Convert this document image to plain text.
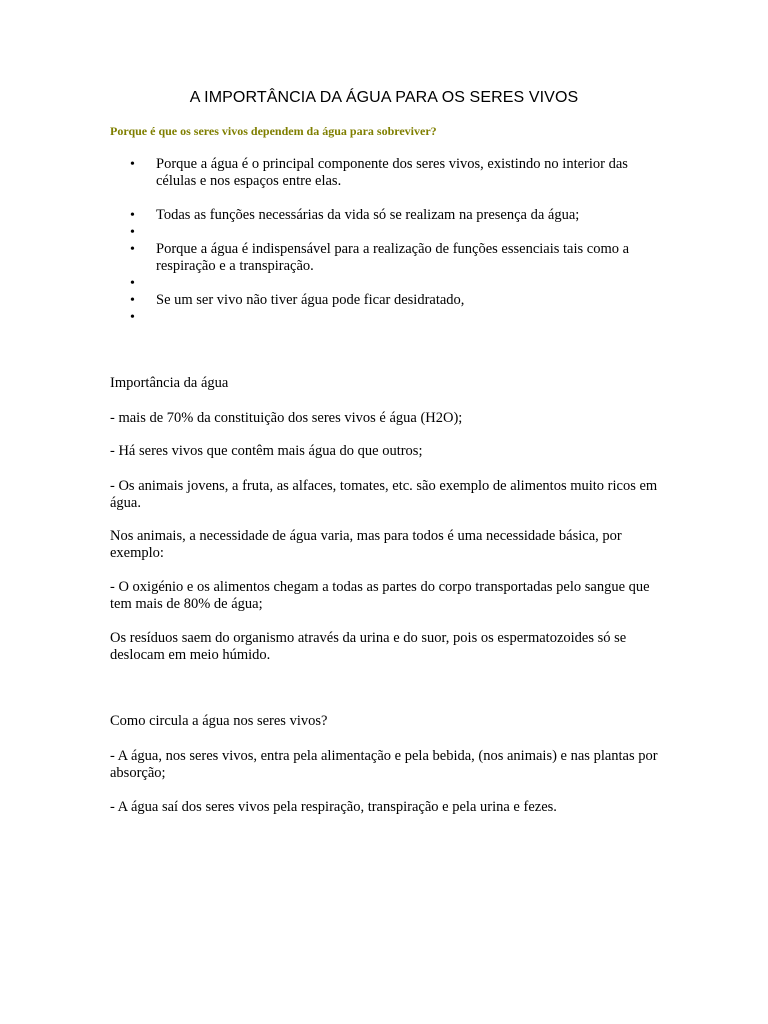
A IMPORTÂNCIA DA ÁGUA PARA OS SERES VIVOS
Porque é que os seres vivos dependem da água para sobreviver?
• Porque a água é o principal componente dos seres vivos, existindo no interior das células e nos espaços entre elas.
• Todas as funções necessárias da vida só se realizam na presença da água;
•

• Porque a água é indispensável para a realização de funções essenciais tais como a respiração e a transpiração.
•

• Se um ser vivo não tiver água pode ficar desidratado,
•

Importância da água

- mais de 70% da constituição dos seres vivos é água (H2O);

- Há seres vivos que contêm mais água do que outros;

- Os animais jovens, a fruta, as alfaces, tomates, etc. são exemplo de alimentos muito ricos em água.

Nos animais, a necessidade de água varia, mas para todos é uma necessidade básica, por exemplo:

- O oxigénio e os alimentos chegam a todas as partes do corpo transportadas pelo sangue que tem mais de 80% de água;

Os resíduos saem do organismo através da urina e do suor, pois os espermatozoides só se deslocam em meio húmido.

Como circula a água nos seres vivos?

- A água, nos seres vivos, entra pela alimentação e pela bebida, (nos animais) e nas plantas por absorção;

- A água saí dos seres vivos pela respiração, transpiração e pela urina e fezes.
